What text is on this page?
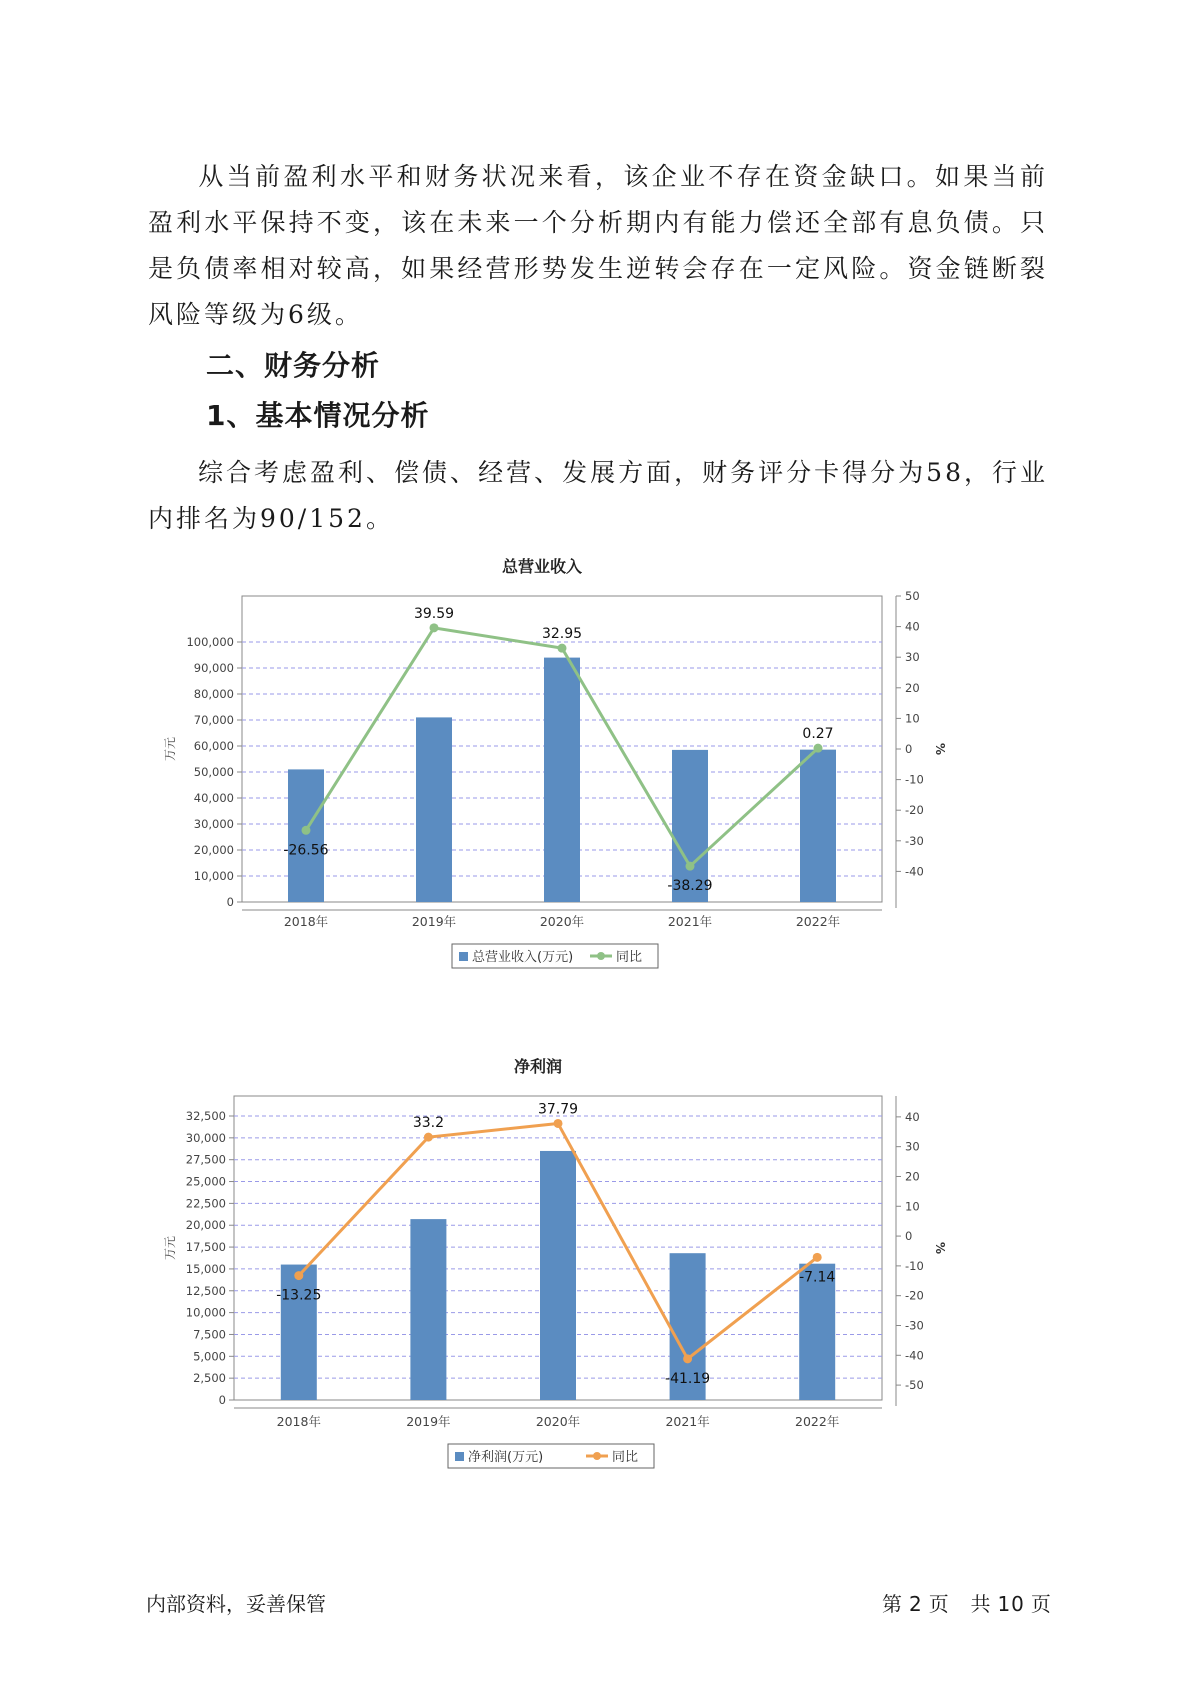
从当前盈利水平和财务状况来看，该企业不存在资金缺口。如果当前盈利水平保持不变，该在未来一个分析期内有能力偿还全部有息负债。只是负债率相对较高，如果经营形势发生逆转会存在一定风险。资金链断裂风险等级为6级。
二、财务分析
1、基本情况分析
综合考虑盈利、偿债、经营、发展方面，财务评分卡得分为58，行业内排名为90/152。
总营业收入
0
10,000
20,000
30,000
40,000
50,000
60,000
70,000
80,000
90,000
100,000
-40
-30
-20
-10
0
10
20
30
40
50
万元	%
2018年	2019年	2020年	2021年	2022年
-26.56
39.59
32.95
-38.29
0.27
总营业收入(万元)	同比
净利润
0
2,500
5,000
7,500
10,000
12,500
15,000
17,500
20,000
22,500
25,000
27,500
30,000
32,500
-50
-40
-30
-20
-10
0
10
20
30
40
万元	%
2018年	2019年	2020年	2021年	2022年
-13.25
33.2
37.79
-41.19
-7.14
净利润(万元)	同比
内部资料，妥善保管	第 2 页 共 10 页
